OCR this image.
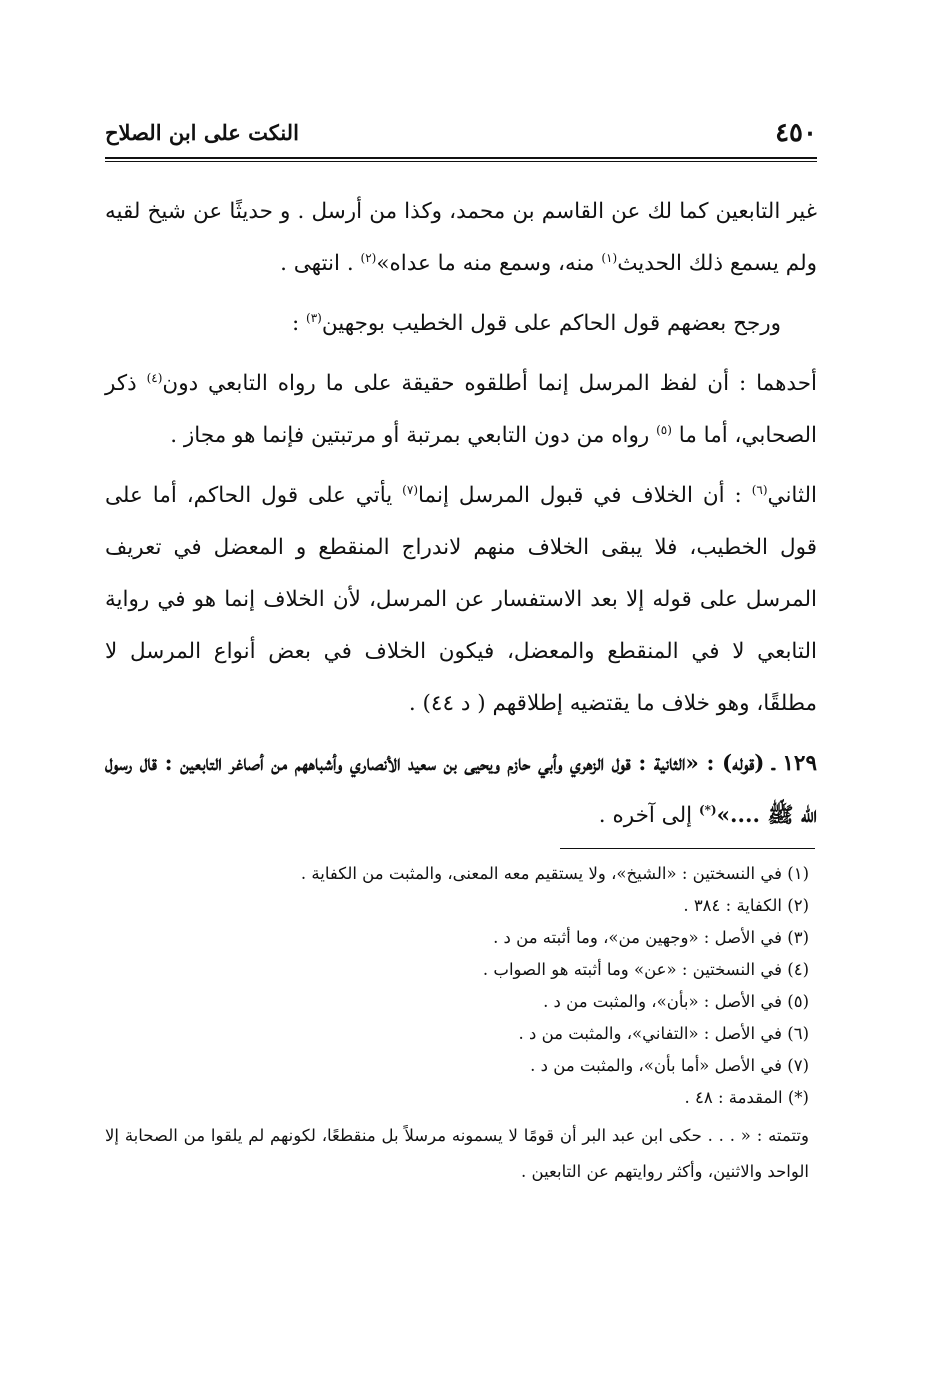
٤٥٠
النكت على ابن الصلاح

غير التابعين كما لك عن القاسم بن محمد، وكذا من أرسل . و حديثًا عن شيخ لقيه ولم يسمع ذلك الحديث$^{(١)}$ منه، وسمع منه ما عداه»$^{(٢)}$ . انتهى .

ورجح بعضهم قول الحاكم على قول الخطيب بوجهين$^{(٣)}$ :

أحدهما : أن لفظ المرسل إنما أطلقوه حقيقة على ما رواه التابعي دون$^{(٤)}$ ذكر الصحابي، أما ما $^{(٥)}$ رواه من دون التابعي بمرتبة أو مرتبتين فإنما هو مجاز .

الثاني$^{(٦)}$ : أن الخلاف في قبول المرسل إنما$^{(٧)}$ يأتي على قول الحاكم، أما على قول الخطيب، فلا يبقى الخلاف منهم لاندراج المنقطع و المعضل في تعريف المرسل على قوله إلا بعد الاستفسار عن المرسل، لأن الخلاف إنما هو في رواية التابعي لا في المنقطع والمعضل، فيكون الخلاف في بعض أنواع المرسل لا مطلقًا، وهو خلاف ما يقتضيه إطلاقهم ( د ٤٤) .

١٢٩ ـ (قوله) : «الثانية : قول الزهري وأبي حازم ويحيى بن سعيد الأنصاري وأشباههم من أصاغر التابعين : قال رسول الله ﷺ ....»(*) إلى آخره .

(١) في النسختين : «الشيخ»، ولا يستقيم معه المعنى، والمثبت من الكفاية .
(٢) الكفاية : ٣٨٤ .
(٣) في الأصل : «وجهين من»، وما أثبته من د .
(٤) في النسختين : «عن» وما أثبته هو الصواب .
(٥) في الأصل : «بأن»، والمثبت من د .
(٦) في الأصل : «التفاني»، والمثبت من د .
(٧) في الأصل «أما بأن»، والمثبت من د .
(*) المقدمة : ٤٨ .
وتتمته : « . . . حكى ابن عبد البر أن قومًا لا يسمونه مرسلاً بل منقطعًا، لكونهم لم يلقوا من الصحابة إلا الواحد والاثنين، وأكثر روايتهم عن التابعين .
